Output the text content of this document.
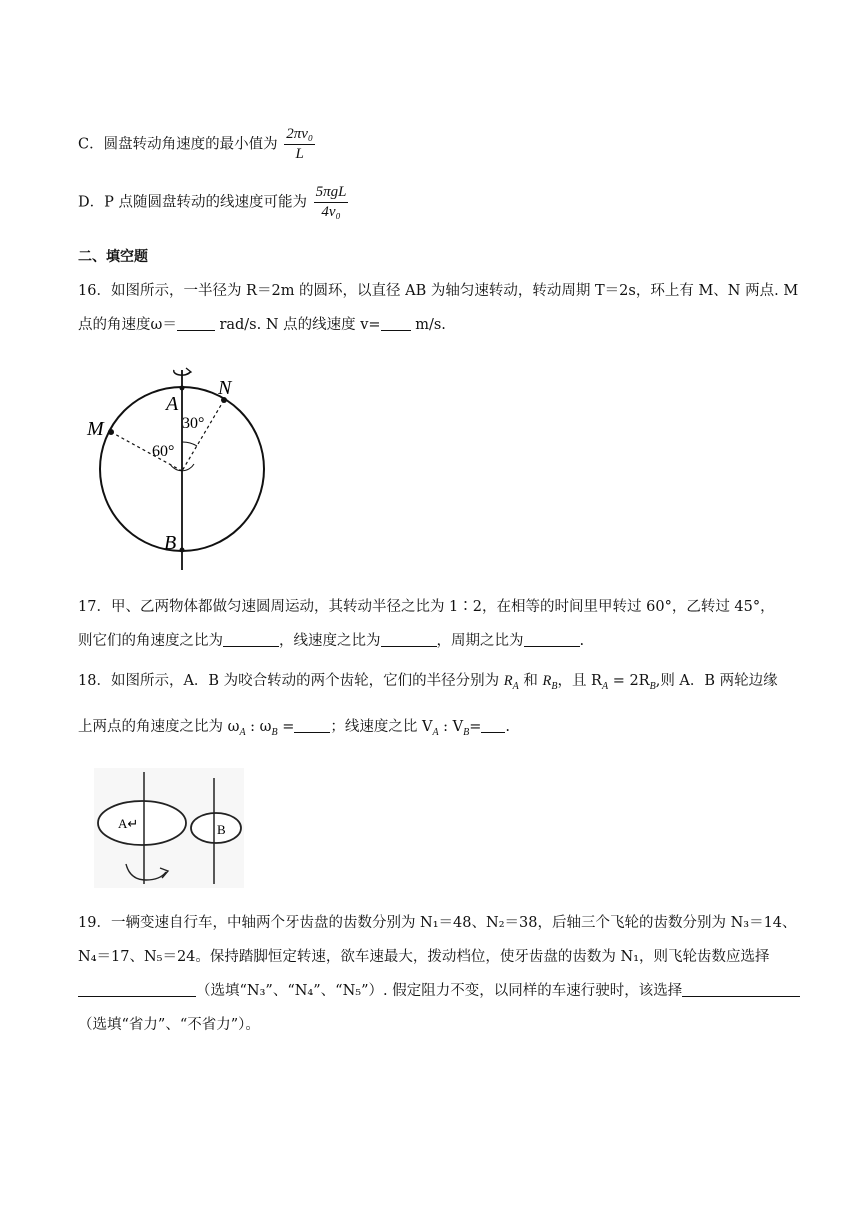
C．圆盘转动角速度的最小值为 $\frac{\text{2πv₀}}{L}$
D．P 点随圆盘转动的线速度可能为 $\frac{\text{5πgL}}{\text{4v₀}}$
二、填空题
16．如图所示，一半径为 R＝2m 的圆环，以直径 AB 为轴匀速转动，转动周期 T＝2s，环上有 M、N 两点. M
点的角速度ω＝	rad/s. N 点的线速度 v= m/s.
A
B
M
N
60°
30°
17．甲、乙两物体都做匀速圆周运动，其转动半径之比为 1∶2，在相等的时间里甲转过 60°，乙转过 45°，
则它们的角速度之比为	，线速度之比为	，周期之比为	.
18．如图所示，A．B 为咬合转动的两个齿轮，它们的半径分别为 $R_A$ 和 $R_B$，且 $R_A = 2R_B$,则 A．B 两轮边缘
上两点的角速度之比为 $\omega_A$ : $\omega_B$ = ；线速度之比 $V_A$ : $V_B=$ .
A↵	B
19．一辆变速自行车，中轴两个牙齿盘的齿数分别为 N₁＝48、N₂＝38，后轴三个飞轮的齿数分别为 N₃＝14、
N₄＝17、N₅＝24。保持踏脚恒定转速，欲车速最大，拨动档位，使牙齿盘的齿数为 N₁，则飞轮齿数应选择
（选填“N₃”、“N₄”、“N₅”）. 假定阻力不变，以同样的车速行驶时，该选择
（选填“省力”、“不省力”）。
